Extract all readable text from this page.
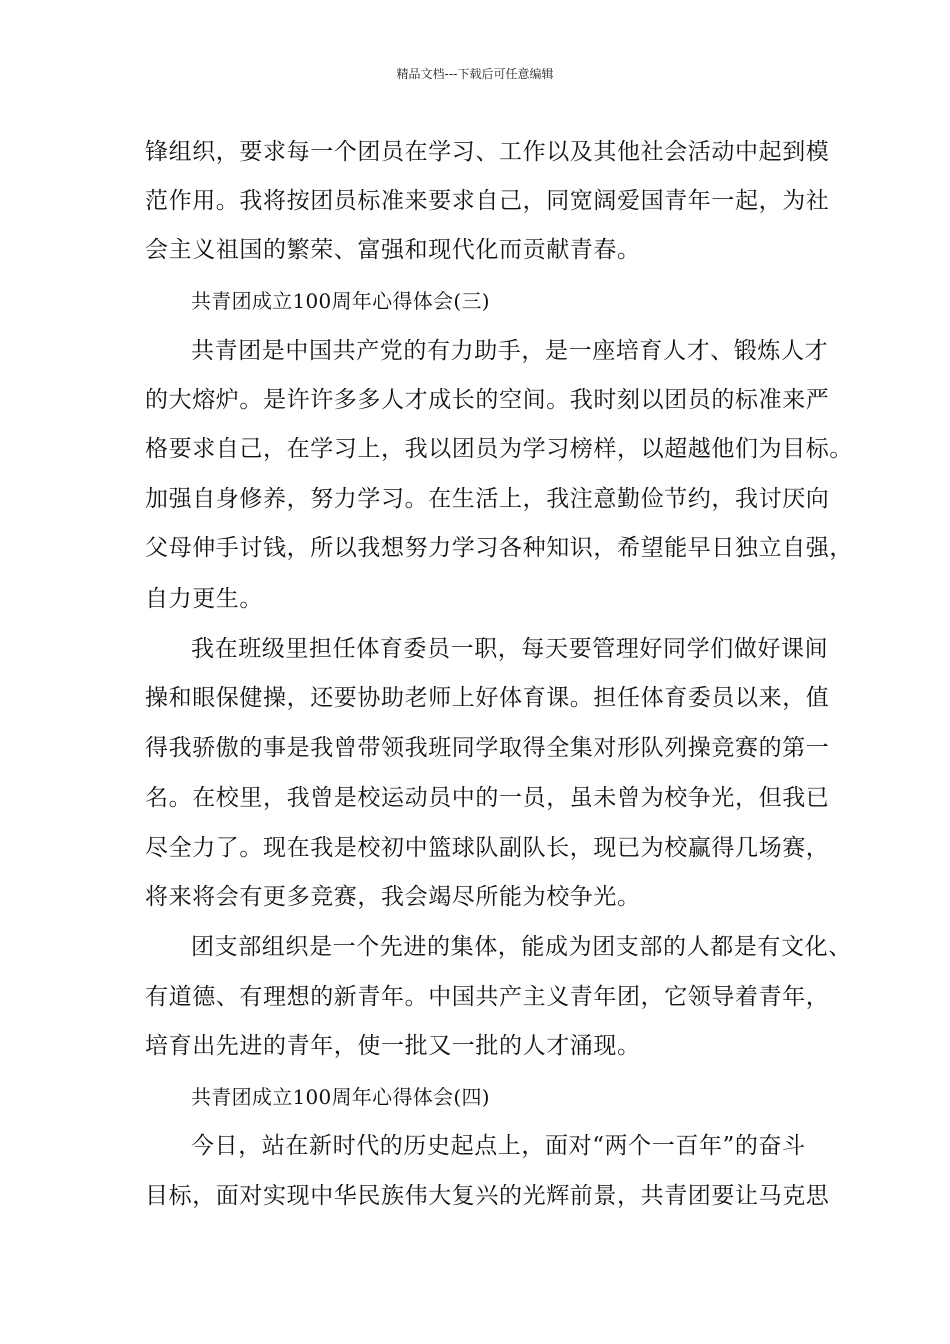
精品文档---下载后可任意编辑
锋组织，要求每一个团员在学习、工作以及其他社会活动中起到模
范作用。我将按团员标准来要求自己，同宽阔爱国青年一起，为社
会主义祖国的繁荣、富强和现代化而贡献青春。
共青团成立100周年心得体会(三)
共青团是中国共产党的有力助手，是一座培育人才、锻炼人才
的大熔炉。是许许多多人才成长的空间。我时刻以团员的标准来严
格要求自己，在学习上，我以团员为学习榜样，以超越他们为目标。
加强自身修养，努力学习。在生活上，我注意勤俭节约，我讨厌向
父母伸手讨钱，所以我想努力学习各种知识，希望能早日独立自强，
自力更生。
我在班级里担任体育委员一职，每天要管理好同学们做好课间
操和眼保健操，还要协助老师上好体育课。担任体育委员以来，值
得我骄傲的事是我曾带领我班同学取得全集对形队列操竞赛的第一
名。在校里，我曾是校运动员中的一员，虽未曾为校争光，但我已
尽全力了。现在我是校初中篮球队副队长，现已为校赢得几场赛，
将来将会有更多竞赛，我会竭尽所能为校争光。
团支部组织是一个先进的集体，能成为团支部的人都是有文化、
有道德、有理想的新青年。中国共产主义青年团，它领导着青年，
培育出先进的青年，使一批又一批的人才涌现。
共青团成立100周年心得体会(四)
今日，站在新时代的历史起点上，面对“两个一百年”的奋斗
目标，面对实现中华民族伟大复兴的光辉前景，共青团要让马克思
